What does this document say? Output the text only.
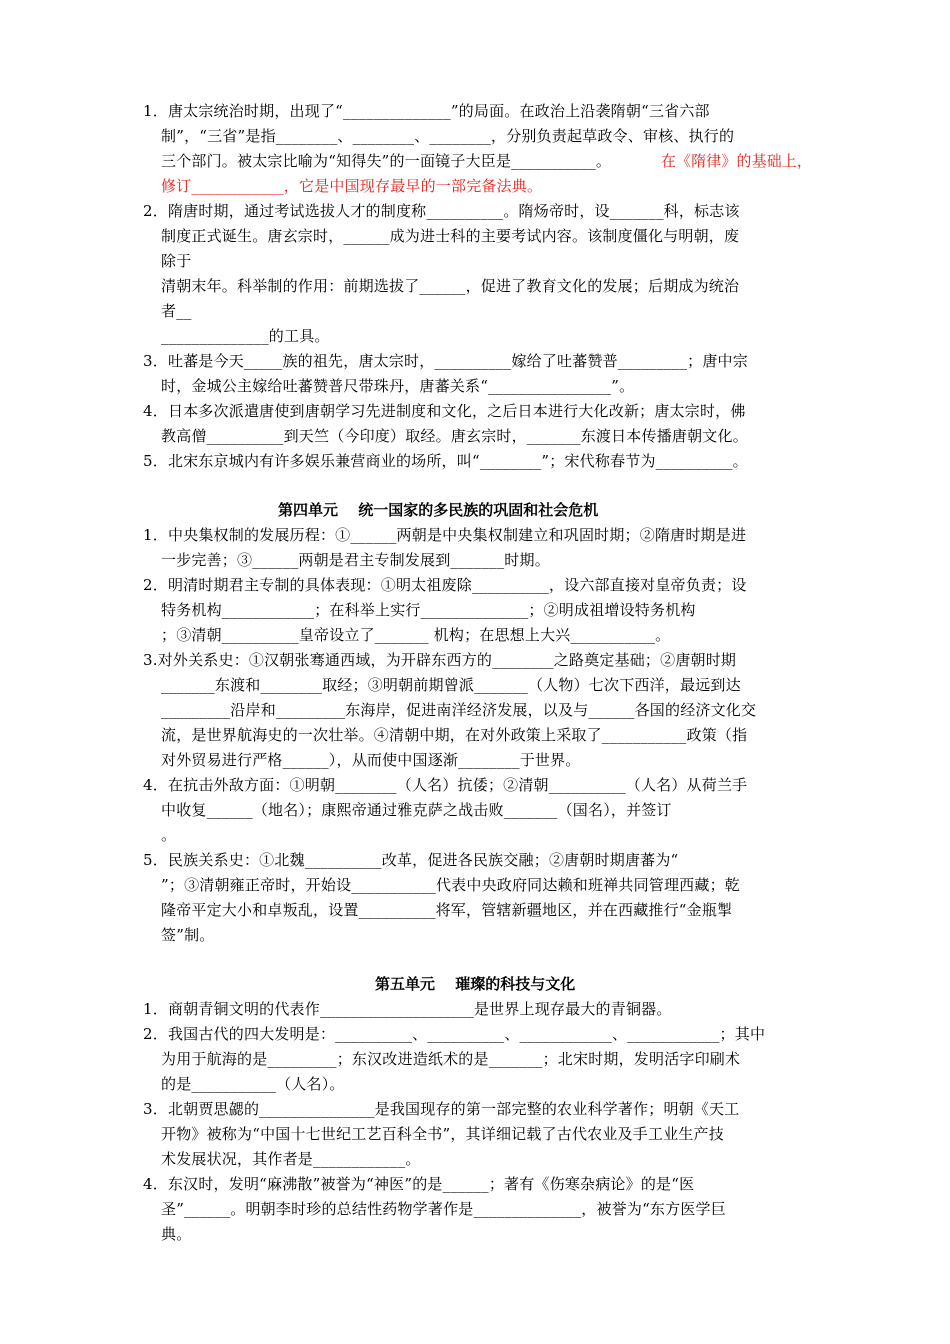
1．唐太宗统治时期，出现了“______________”的局面。在政治上沿袭隋朝“三省六部
制”，“三省”是指________、________、________，分别负责起草政令、审核、执行的
三个部门。被太宗比喻为“知得失”的一面镜子大臣是___________。	在《隋律》的基础上，
修订____________，它是中国现存最早的一部完备法典。
2．隋唐时期，通过考试选拔人才的制度称__________。隋炀帝时，设_______科，标志该
制度正式诞生。唐玄宗时，______成为进士科的主要考试内容。该制度僵化与明朝，废
除于
清朝末年。科举制的作用：前期选拔了______，促进了教育文化的发展；后期成为统治
者__
______________的工具。
3．吐蕃是今天_____族的祖先，唐太宗时，__________嫁给了吐蕃赞普_________；唐中宗
时，金城公主嫁给吐蕃赞普尺带珠丹，唐蕃关系“________________”。
4．日本多次派遣唐使到唐朝学习先进制度和文化，之后日本进行大化改新；唐太宗时，佛
教高僧__________到天竺（今印度）取经。唐玄宗时，_______东渡日本传播唐朝文化。
5．北宋东京城内有许多娱乐兼营商业的场所，叫“________”；宋代称春节为__________。
第四单元　 统一国家的多民族的巩固和社会危机
1．中央集权制的发展历程：①______两朝是中央集权制建立和巩固时期；②隋唐时期是进
一步完善；③______两朝是君主专制发展到_______时期。
2．明清时期君主专制的具体表现：①明太祖废除__________，设六部直接对皇帝负责；设
特务机构____________；在科举上实行______________；②明成祖增设特务机构
；③清朝__________皇帝设立了_______ 机构；在思想上大兴___________。
3.对外关系史：①汉朝张骞通西域，为开辟东西方的________之路奠定基础；②唐朝时期
_______东渡和________取经；③明朝前期曾派_______（人物）七次下西洋，最远到达
_________沿岸和_________东海岸，促进南洋经济发展，以及与______各国的经济文化交
流，是世界航海史的一次壮举。④清朝中期，在对外政策上采取了___________政策（指
对外贸易进行严格______），从而使中国逐渐________于世界。
4．在抗击外敌方面：①明朝________（人名）抗倭；②清朝__________（人名）从荷兰手
中收复______（地名）；康熙帝通过雅克萨之战击败_______（国名），并签订
。
5．民族关系史：①北魏__________改革，促进各民族交融；②唐朝时期唐蕃为“
”；③清朝雍正帝时，开始设___________代表中央政府同达赖和班禅共同管理西藏；乾
隆帝平定大小和卓叛乱，设置__________将军，管辖新疆地区，并在西藏推行“金瓶掣
签”制。
第五单元　 璀璨的科技与文化
1．商朝青铜文明的代表作____________________是世界上现存最大的青铜器。
2．我国古代的四大发明是：__________、__________、____________、____________；其中
为用于航海的是_________；东汉改进造纸术的是_______；北宋时期，发明活字印刷术
的是___________（人名）。
3．北朝贾思勰的_______________是我国现存的第一部完整的农业科学著作；明朝《天工
开物》被称为“中国十七世纪工艺百科全书”，其详细记载了古代农业及手工业生产技
术发展状况，其作者是____________。
4．东汉时，发明“麻沸散”被誉为“神医”的是______；著有《伤寒杂病论》的是“医
圣”______。明朝李时珍的总结性药物学著作是______________，被誉为“东方医学巨
典。
